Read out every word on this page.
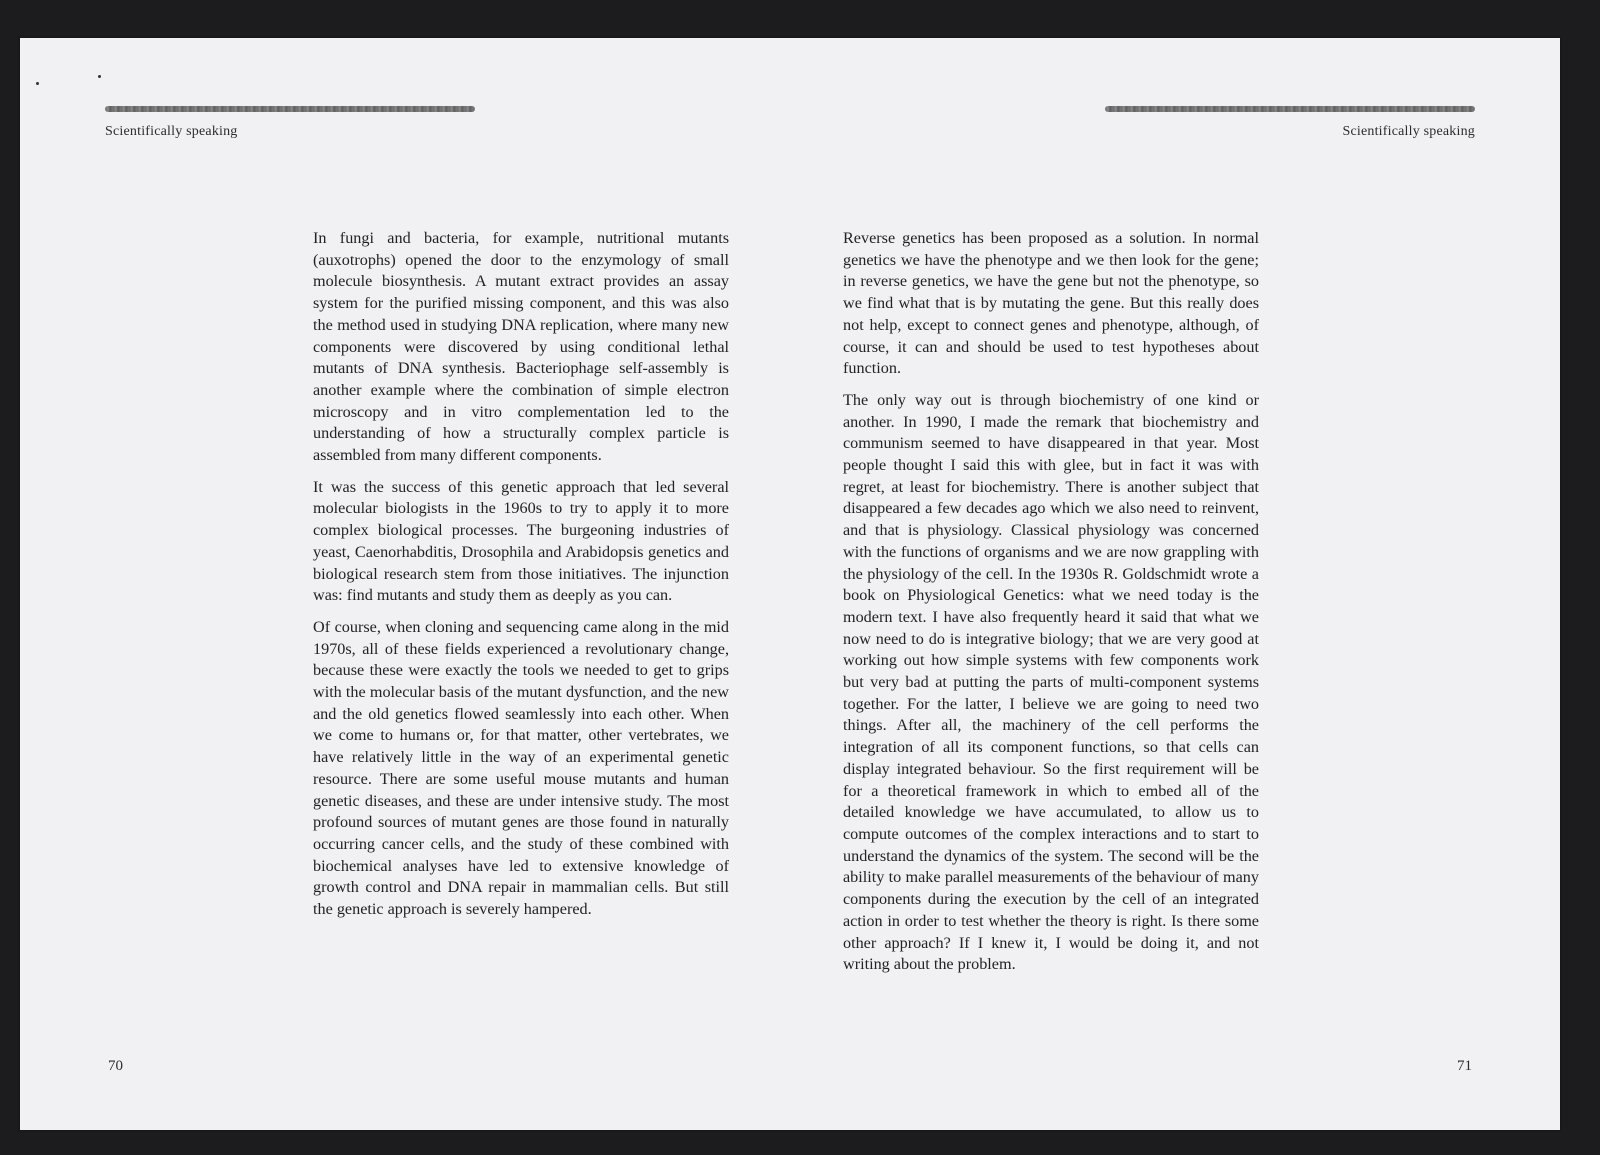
Scientifically speaking	Scientifically speaking

In fungi and bacteria, for example, nutritional mutants (auxotrophs) opened the door to the enzymology of small molecule biosynthesis. A mutant extract provides an assay system for the purified missing component, and this was also the method used in studying DNA replication, where many new components were discovered by using conditional lethal mutants of DNA synthesis. Bacteriophage self-assembly is another example where the combination of simple electron microscopy and in vitro complementation led to the understanding of how a structurally complex particle is assembled from many different components.

It was the success of this genetic approach that led several molecular biologists in the 1960s to try to apply it to more complex biological processes. The burgeoning industries of yeast, Caenorhabditis, Drosophila and Arabidopsis genetics and biological research stem from those initiatives. The injunction was: find mutants and study them as deeply as you can.

Of course, when cloning and sequencing came along in the mid 1970s, all of these fields experienced a revolutionary change, because these were exactly the tools we needed to get to grips with the molecular basis of the mutant dysfunction, and the new and the old genetics flowed seamlessly into each other. When we come to humans or, for that matter, other vertebrates, we have relatively little in the way of an experimental genetic resource. There are some useful mouse mutants and human genetic diseases, and these are under intensive study. The most profound sources of mutant genes are those found in naturally occurring cancer cells, and the study of these combined with biochemical analyses have led to extensive knowledge of growth control and DNA repair in mammalian cells. But still the genetic approach is severely hampered.

Reverse genetics has been proposed as a solution. In normal genetics we have the phenotype and we then look for the gene; in reverse genetics, we have the gene but not the phenotype, so we find what that is by mutating the gene. But this really does not help, except to connect genes and phenotype, although, of course, it can and should be used to test hypotheses about function.

The only way out is through biochemistry of one kind or another. In 1990, I made the remark that biochemistry and communism seemed to have disappeared in that year. Most people thought I said this with glee, but in fact it was with regret, at least for biochemistry. There is another subject that disappeared a few decades ago which we also need to reinvent, and that is physiology. Classical physiology was concerned with the functions of organisms and we are now grappling with the physiology of the cell. In the 1930s R. Goldschmidt wrote a book on Physiological Genetics: what we need today is the modern text. I have also frequently heard it said that what we now need to do is integrative biology; that we are very good at working out how simple systems with few components work but very bad at putting the parts of multi-component systems together. For the latter, I believe we are going to need two things. After all, the machinery of the cell performs the integration of all its component functions, so that cells can display integrated behaviour. So the first requirement will be for a theoretical framework in which to embed all of the detailed knowledge we have accumulated, to allow us to compute outcomes of the complex interactions and to start to understand the dynamics of the system. The second will be the ability to make parallel measurements of the behaviour of many components during the execution by the cell of an integrated action in order to test whether the theory is right. Is there some other approach? If I knew it, I would be doing it, and not writing about the problem.

70	71
